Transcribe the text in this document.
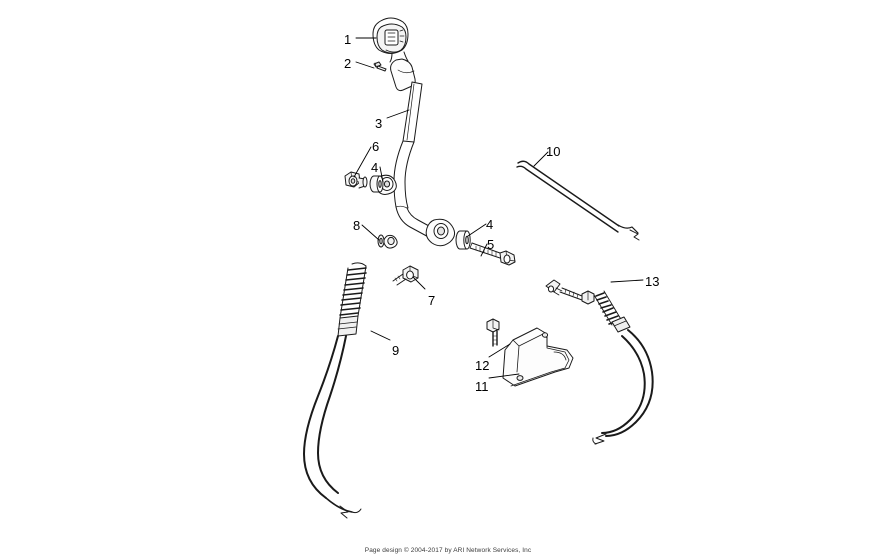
1
2
3
4
4
5
6
7
8
9
10
11
12
13
Page design © 2004-2017 by ARI Network Services, Inc
